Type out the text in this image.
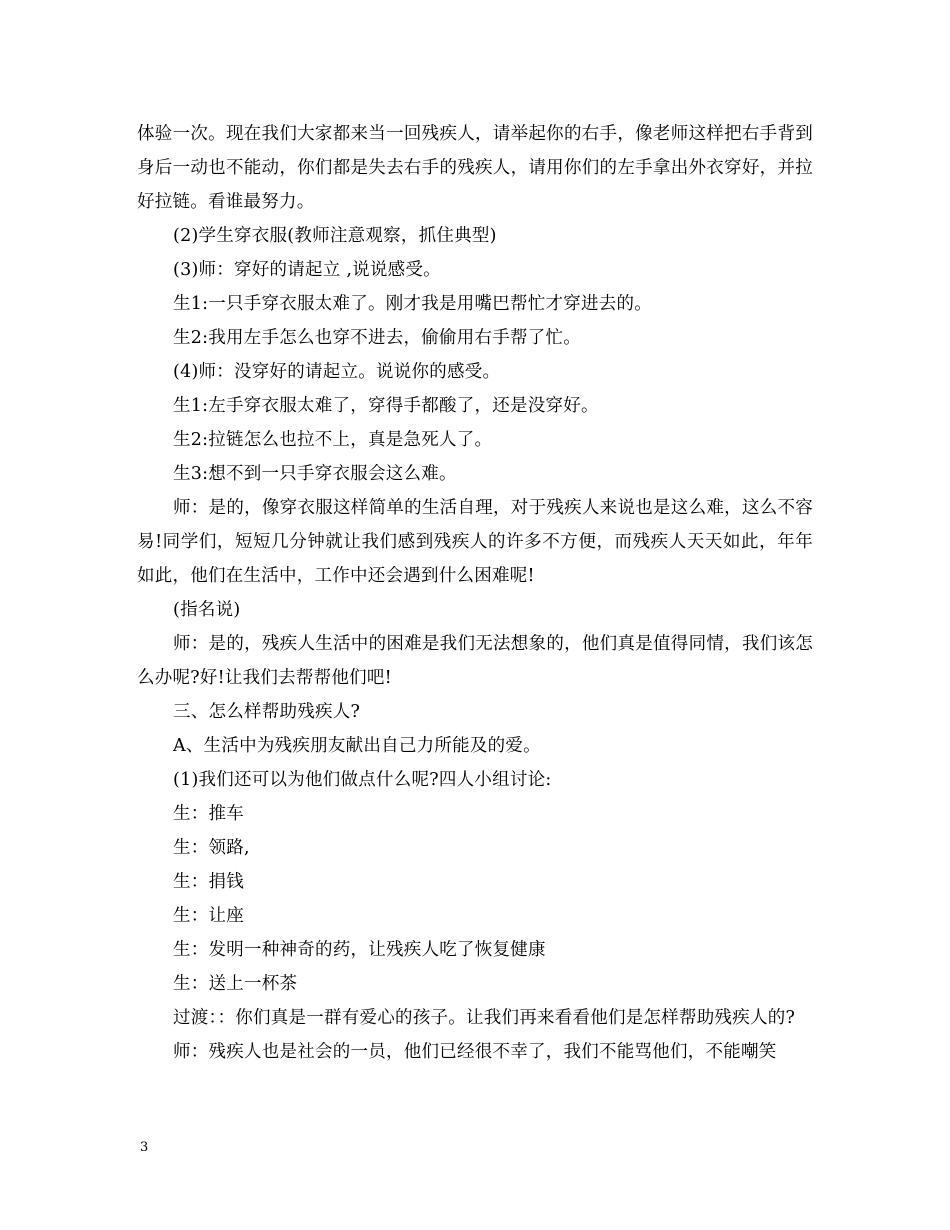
体验一次。现在我们大家都来当一回残疾人，请举起你的右手，像老师这样把右手背到身后一动也不能动，你们都是失去右手的残疾人，请用你们的左手拿出外衣穿好，并拉好拉链。看谁最努力。

(2)学生穿衣服(教师注意观察，抓住典型)

(3)师：穿好的请起立 ,说说感受。

生1:一只手穿衣服太难了。刚才我是用嘴巴帮忙才穿进去的。

生2:我用左手怎么也穿不进去，偷偷用右手帮了忙。

(4)师：没穿好的请起立。说说你的感受。

生1:左手穿衣服太难了，穿得手都酸了，还是没穿好。

生2:拉链怎么也拉不上，真是急死人了。

生3:想不到一只手穿衣服会这么难。

师：是的，像穿衣服这样简单的生活自理，对于残疾人来说也是这么难，这么不容易!同学们，短短几分钟就让我们感到残疾人的许多不方便，而残疾人天天如此，年年如此，他们在生活中，工作中还会遇到什么困难呢!

(指名说)

师：是的，残疾人生活中的困难是我们无法想象的，他们真是值得同情，我们该怎么办呢?好!让我们去帮帮他们吧!

三、怎么样帮助残疾人?

A、生活中为残疾朋友献出自己力所能及的爱。

(1)我们还可以为他们做点什么呢?四人小组讨论:

生：推车

生：领路,

生：捐钱

生：让座

生：发明一种神奇的药，让残疾人吃了恢复健康

生：送上一杯茶

过渡：：你们真是一群有爱心的孩子。让我们再来看看他们是怎样帮助残疾人的?

师：残疾人也是社会的一员，他们已经很不幸了，我们不能骂他们，不能嘲笑

3
